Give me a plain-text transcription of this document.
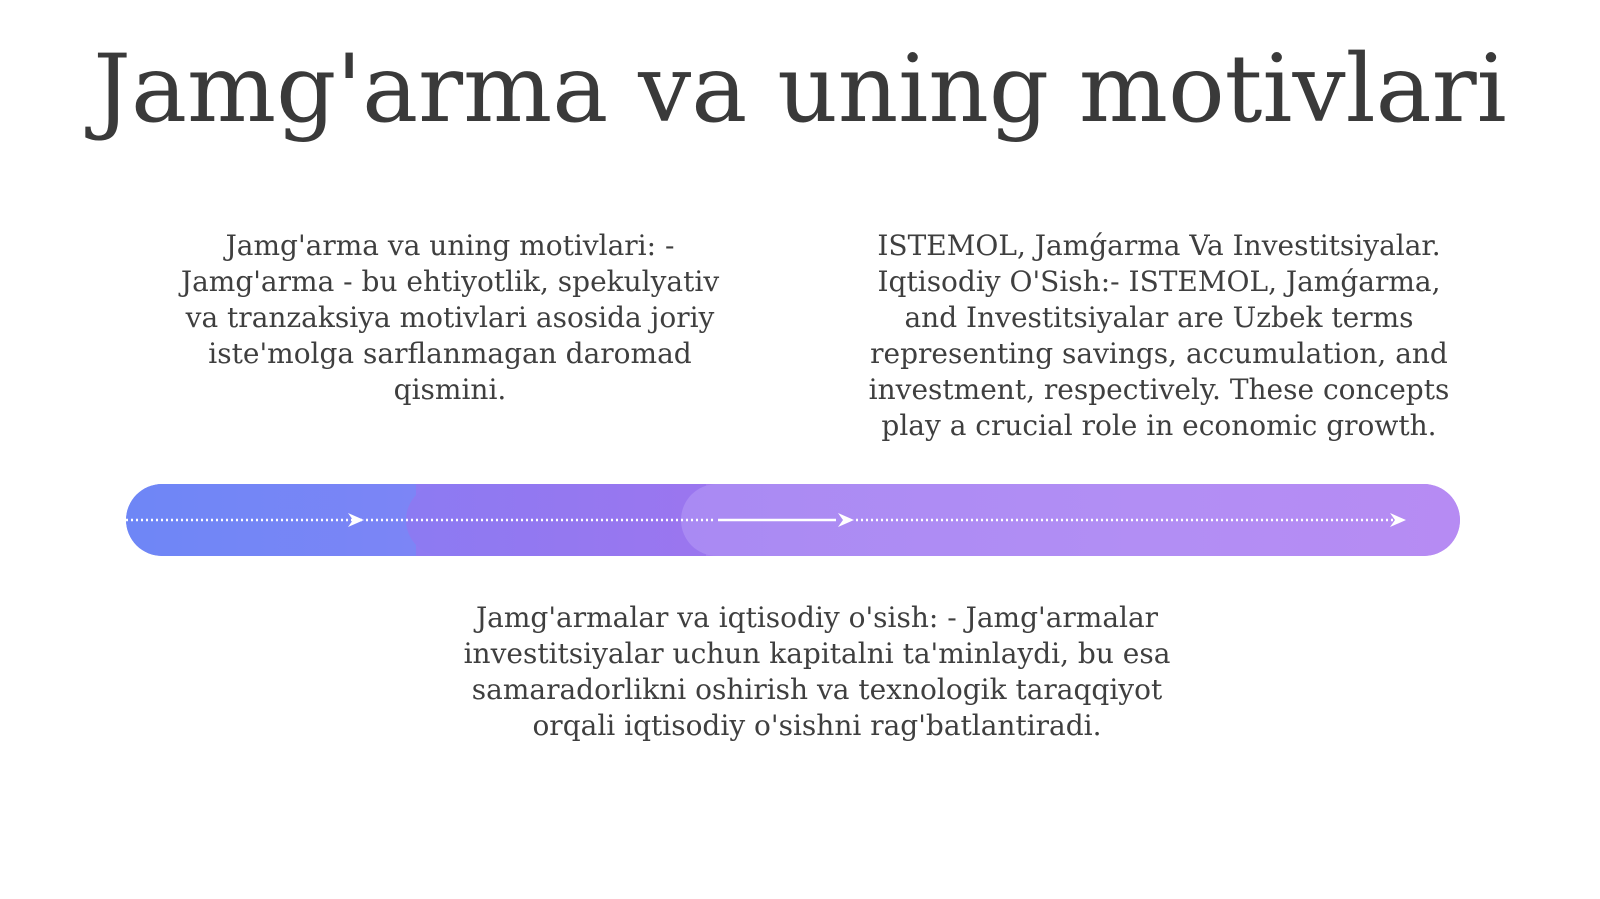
Jamg'arma va uning motivlari
Jamg'arma va uning motivlari: - Jamg'arma - bu ehtiyotlik, spekulyativ va tranzaksiya motivlari asosida joriy iste'molga sarflanmagan daromad qismini.
ISTEMOL, Jamǵarma Va Investitsiyalar. Iqtisodiy O'Sish:- ISTEMOL, Jamǵarma, and Investitsiyalar are Uzbek terms representing savings, accumulation, and investment, respectively. These concepts play a crucial role in economic growth.
Jamg'armalar va iqtisodiy o'sish: - Jamg'armalar investitsiyalar uchun kapitalni ta'minlaydi, bu esa samaradorlikni oshirish va texnologik taraqqiyot orqali iqtisodiy o'sishni rag'batlantiradi.
